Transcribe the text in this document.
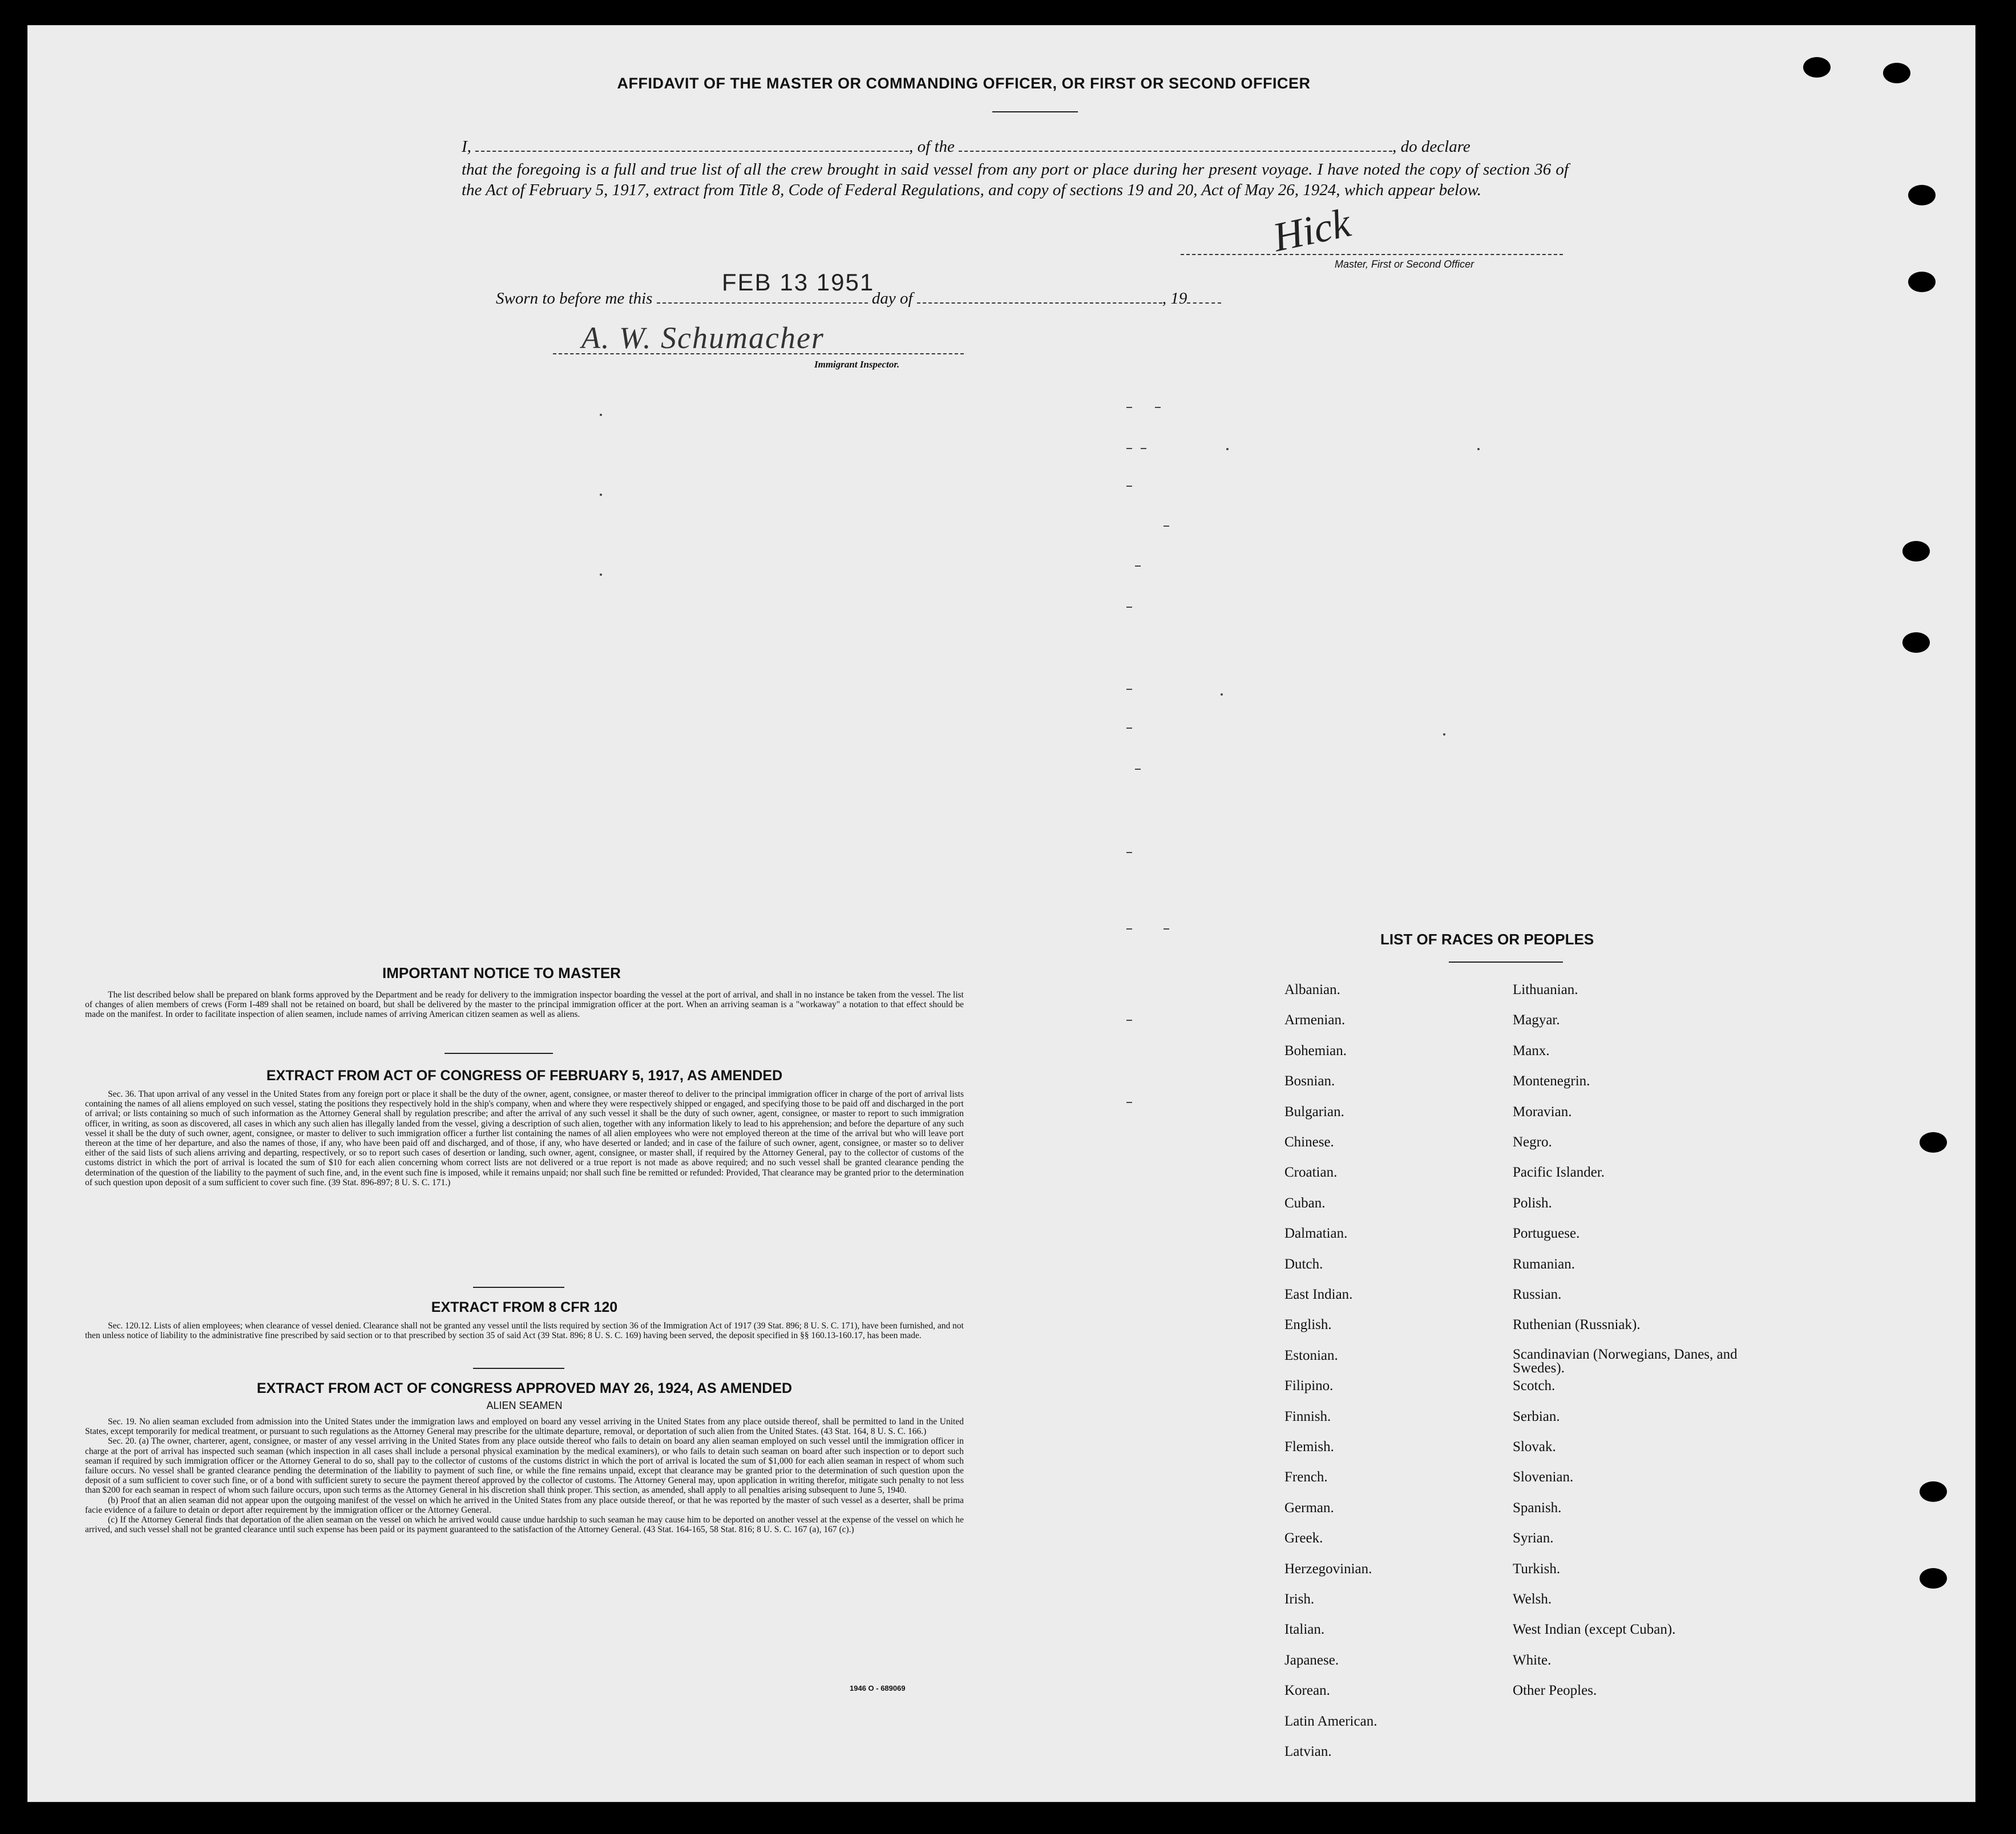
AFFIDAVIT OF THE MASTER OR COMMANDING OFFICER, OR FIRST OR SECOND OFFICER
I,	, of the	, do declare
that the foregoing is a full and true list of all the crew brought in said vessel from any port or place during her present voyage. I have noted the copy of section 36 of the Act of February 5, 1917, extract from Title 8, Code of Federal Regulations, and copy of sections 19 and 20, Act of May 26, 1924, which appear below.
Hick
Master, First or Second Officer
Sworn to before me this	day of	, 19
FEB 13 1951
A. W. Schumacher
Immigrant Inspector.
IMPORTANT NOTICE TO MASTER

The list described below shall be prepared on blank forms approved by the Department and be ready for delivery to the immigration inspector boarding the vessel at the port of arrival, and shall in no instance be taken from the vessel. The list of changes of alien members of crews (Form I-489 shall not be retained on board, but shall be delivered by the master to the principal immigration officer at the port. When an arriving seaman is a "workaway" a notation to that effect should be made on the manifest. In order to facilitate inspection of alien seamen, include names of arriving American citizen seamen as well as aliens.

EXTRACT FROM ACT OF CONGRESS OF FEBRUARY 5, 1917, AS AMENDED

Sec. 36. That upon arrival of any vessel in the United States from any foreign port or place it shall be the duty of the owner, agent, consignee, or master thereof to deliver to the principal immigration officer in charge of the port of arrival lists containing the names of all aliens employed on such vessel, stating the positions they respectively hold in the ship's company, when and where they were respectively shipped or engaged, and specifying those to be paid off and discharged in the port of arrival; or lists containing so much of such information as the Attorney General shall by regulation prescribe; and after the arrival of any such vessel it shall be the duty of such owner, agent, consignee, or master to report to such immigration officer, in writing, as soon as discovered, all cases in which any such alien has illegally landed from the vessel, giving a description of such alien, together with any information likely to lead to his apprehension; and before the departure of any such vessel it shall be the duty of such owner, agent, consignee, or master to deliver to such immigration officer a further list containing the names of all alien employees who were not employed thereon at the time of the arrival but who will leave port thereon at the time of her departure, and also the names of those, if any, who have been paid off and discharged, and of those, if any, who have deserted or landed; and in case of the failure of such owner, agent, consignee, or master so to deliver either of the said lists of such aliens arriving and departing, respectively, or so to report such cases of desertion or landing, such owner, agent, consignee, or master shall, if required by the Attorney General, pay to the collector of customs of the customs district in which the port of arrival is located the sum of $10 for each alien concerning whom correct lists are not delivered or a true report is not made as above required; and no such vessel shall be granted clearance pending the determination of the question of the liability to the payment of such fine, and, in the event such fine is imposed, while it remains unpaid; nor shall such fine be remitted or refunded: Provided, That clearance may be granted prior to the determination of such question upon deposit of a sum sufficient to cover such fine. (39 Stat. 896-897; 8 U. S. C. 171.)

EXTRACT FROM 8 CFR 120

Sec. 120.12. Lists of alien employees; when clearance of vessel denied. Clearance shall not be granted any vessel until the lists required by section 36 of the Immigration Act of 1917 (39 Stat. 896; 8 U. S. C. 171), have been furnished, and not then unless notice of liability to the administrative fine prescribed by said section or to that prescribed by section 35 of said Act (39 Stat. 896; 8 U. S. C. 169) having been served, the deposit specified in §§ 160.13-160.17, has been made.

EXTRACT FROM ACT OF CONGRESS APPROVED MAY 26, 1924, AS AMENDED
ALIEN SEAMEN

Sec. 19. No alien seaman excluded from admission into the United States under the immigration laws and employed on board any vessel arriving in the United States from any place outside thereof, shall be permitted to land in the United States, except temporarily for medical treatment, or pursuant to such regulations as the Attorney General may prescribe for the ultimate departure, removal, or deportation of such alien from the United States. (43 Stat. 164, 8 U. S. C. 166.)

Sec. 20. (a) The owner, charterer, agent, consignee, or master of any vessel arriving in the United States from any place outside thereof who fails to detain on board any alien seaman employed on such vessel until the immigration officer in charge at the port of arrival has inspected such seaman (which inspection in all cases shall include a personal physical examination by the medical examiners), or who fails to detain such seaman on board after such inspection or to deport such seaman if required by such immigration officer or the Attorney General to do so, shall pay to the collector of customs of the customs district in which the port of arrival is located the sum of $1,000 for each alien seaman in respect of whom such failure occurs. No vessel shall be granted clearance pending the determination of the liability to payment of such fine, or while the fine remains unpaid, except that clearance may be granted prior to the determination of such question upon the deposit of a sum sufficient to cover such fine, or of a bond with sufficient surety to secure the payment thereof approved by the collector of customs. The Attorney General may, upon application in writing therefor, mitigate such penalty to not less than $200 for each seaman in respect of whom such failure occurs, upon such terms as the Attorney General in his discretion shall think proper. This section, as amended, shall apply to all penalties arising subsequent to June 5, 1940.

(b) Proof that an alien seaman did not appear upon the outgoing manifest of the vessel on which he arrived in the United States from any place outside thereof, or that he was reported by the master of such vessel as a deserter, shall be prima facie evidence of a failure to detain or deport after requirement by the immigration officer or the Attorney General.

(c) If the Attorney General finds that deportation of the alien seaman on the vessel on which he arrived would cause undue hardship to such seaman he may cause him to be deported on another vessel at the expense of the vessel on which he arrived, and such vessel shall not be granted clearance until such expense has been paid or its payment guaranteed to the satisfaction of the Attorney General. (43 Stat. 164-165, 58 Stat. 816; 8 U. S. C. 167 (a), 167 (c).)

1946 O - 689069
LIST OF RACES OR PEOPLES
Albanian.
Armenian.
Bohemian.
Bosnian.
Bulgarian.
Chinese.
Croatian.
Cuban.
Dalmatian.
Dutch.
East Indian.
English.
Estonian.
Filipino.
Finnish.
Flemish.
French.
German.
Greek.
Herzegovinian.
Irish.
Italian.
Japanese.
Korean.
Latin American.
Latvian.
Lithuanian.
Magyar.
Manx.
Montenegrin.
Moravian.
Negro.
Pacific Islander.
Polish.
Portuguese.
Rumanian.
Russian.
Ruthenian (Russniak).
Scandinavian (Norwegians, Danes, and Swedes).
Scotch.
Serbian.
Slovak.
Slovenian.
Spanish.
Syrian.
Turkish.
Welsh.
West Indian (except Cuban).
White.
Other Peoples.
